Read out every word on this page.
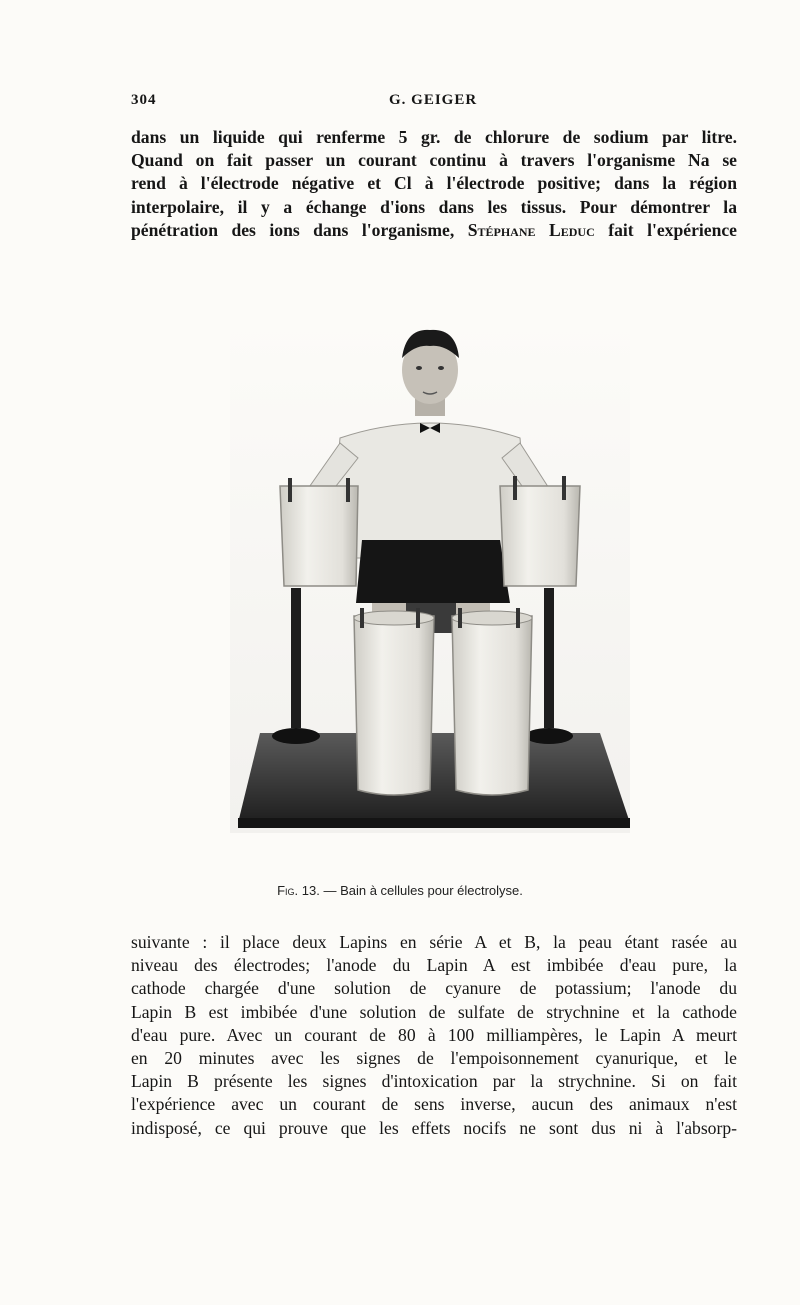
304	G. GEIGER
dans un liquide qui renferme 5 gr. de chlorure de sodium par litre.
Quand on fait passer un courant continu à travers l'organisme Na se
rend à l'électrode négative et Cl à l'électrode positive; dans la région
interpolaire, il y a échange d'ions dans les tissus. Pour démontrer la
pénétration des ions dans l'organisme, Stéphane Leduc fait l'expérience
Fig. 13. — Bain à cellules pour électrolyse.
suivante : il place deux Lapins en série A et B, la peau étant rasée au
niveau des électrodes; l'anode du Lapin A est imbibée d'eau pure, la
cathode chargée d'une solution de cyanure de potassium; l'anode du
Lapin B est imbibée d'une solution de sulfate de strychnine et la cathode
d'eau pure. Avec un courant de 80 à 100 milliampères, le Lapin A meurt
en 20 minutes avec les signes de l'empoisonnement cyanurique, et le
Lapin B présente les signes d'intoxication par la strychnine. Si on fait
l'expérience avec un courant de sens inverse, aucun des animaux n'est
indisposé, ce qui prouve que les effets nocifs ne sont dus ni à l'absorp-
